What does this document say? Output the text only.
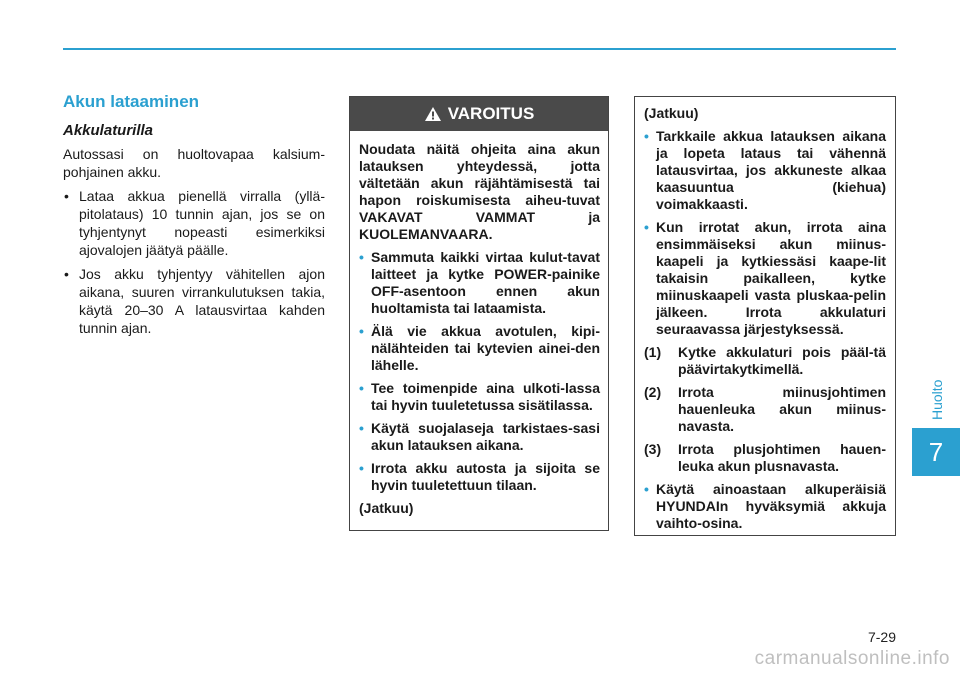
Huolto
7
Akun lataaminen
Akkulaturilla

Autossasi on huoltovapaa kalsium-pohjainen akku.

• Lataa akkua pienellä virralla (yllä-pitolataus) 10 tunnin ajan, jos se on tyhjentynyt nopeasti esimerkiksi ajovalojen jäätyä päälle.
• Jos akku tyhjentyy vähitellen ajon aikana, suuren virrankulutuksen takia, käytä 20–30 A latausvirtaa kahden tunnin ajan.
VAROITUS

Noudata näitä ohjeita aina akun latauksen yhteydessä, jotta vältetään akun räjähtämisestä tai hapon roiskumisesta aiheu-tuvat VAKAVAT VAMMAT ja KUOLEMANVAARA.

• Sammuta kaikki virtaa kulut-tavat laitteet ja kytke POWER-painike OFF-asentoon ennen akun huoltamista tai lataamista.
• Älä vie akkua avotulen, kipi-nälähteiden tai kytevien ainei-den lähelle.
• Tee toimenpide aina ulkoti-lassa tai hyvin tuuletetussa sisätilassa.
• Käytä suojalaseja tarkistaes-sasi akun latauksen aikana.
• Irrota akku autosta ja sijoita se hyvin tuuletettuun tilaan.

(Jatkuu)

(Jatkuu)

• Tarkkaile akkua latauksen aikana ja lopeta lataus tai vähennä latausvirtaa, jos akkuneste alkaa kaasuuntua (kiehua) voimakkaasti.
• Kun irrotat akun, irrota aina ensimmäiseksi akun miinus-kaapeli ja kytkiessäsi kaape-lit takaisin paikalleen, kytke miinuskaapeli vasta pluskaa-pelin jälkeen. Irrota akkulaturi seuraavassa järjestyksessä.
(1) Kytke akkulaturi pois pääl-tä päävirtakytkimellä.
(2) Irrota miinusjohtimen hauenleuka akun miinus-navasta.
(3) Irrota plusjohtimen hauen-leuka akun plusnavasta.
• Käytä ainoastaan alkuperäisiä HYUNDAIn hyväksymiä akkuja vaihto-osina.
7-29
carmanualsonline.info
